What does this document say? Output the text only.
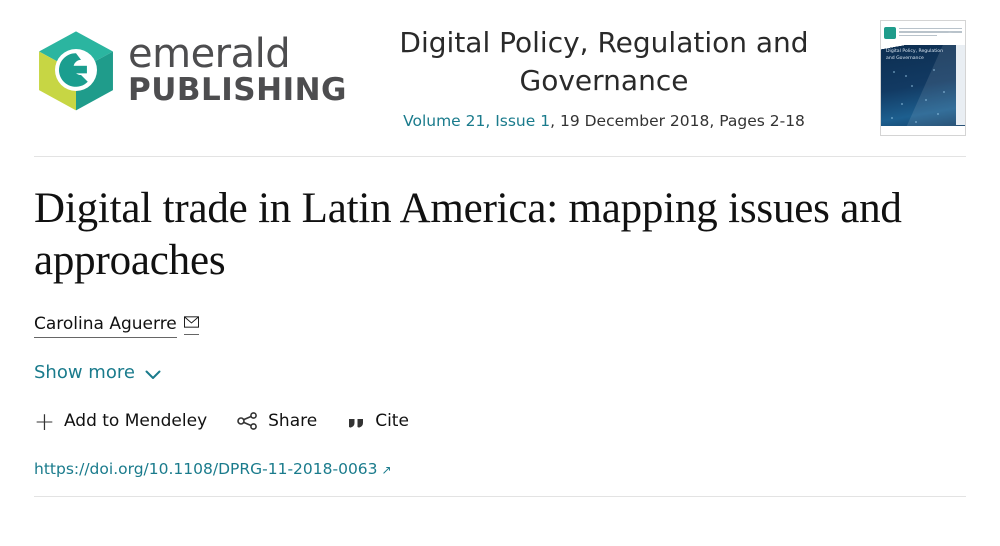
emerald
PUBLISHING
Digital Policy, Regulation and Governance
Volume 21, Issue 1, 19 December 2018, Pages 2-18
Digital Policy, Regulation and Governance
Digital trade in Latin America: mapping issues and approaches
Carolina Aguerre
Show more
+ Add to Mendeley	Share	Cite
https://doi.org/10.1108/DPRG-11-2018-0063 ↗
